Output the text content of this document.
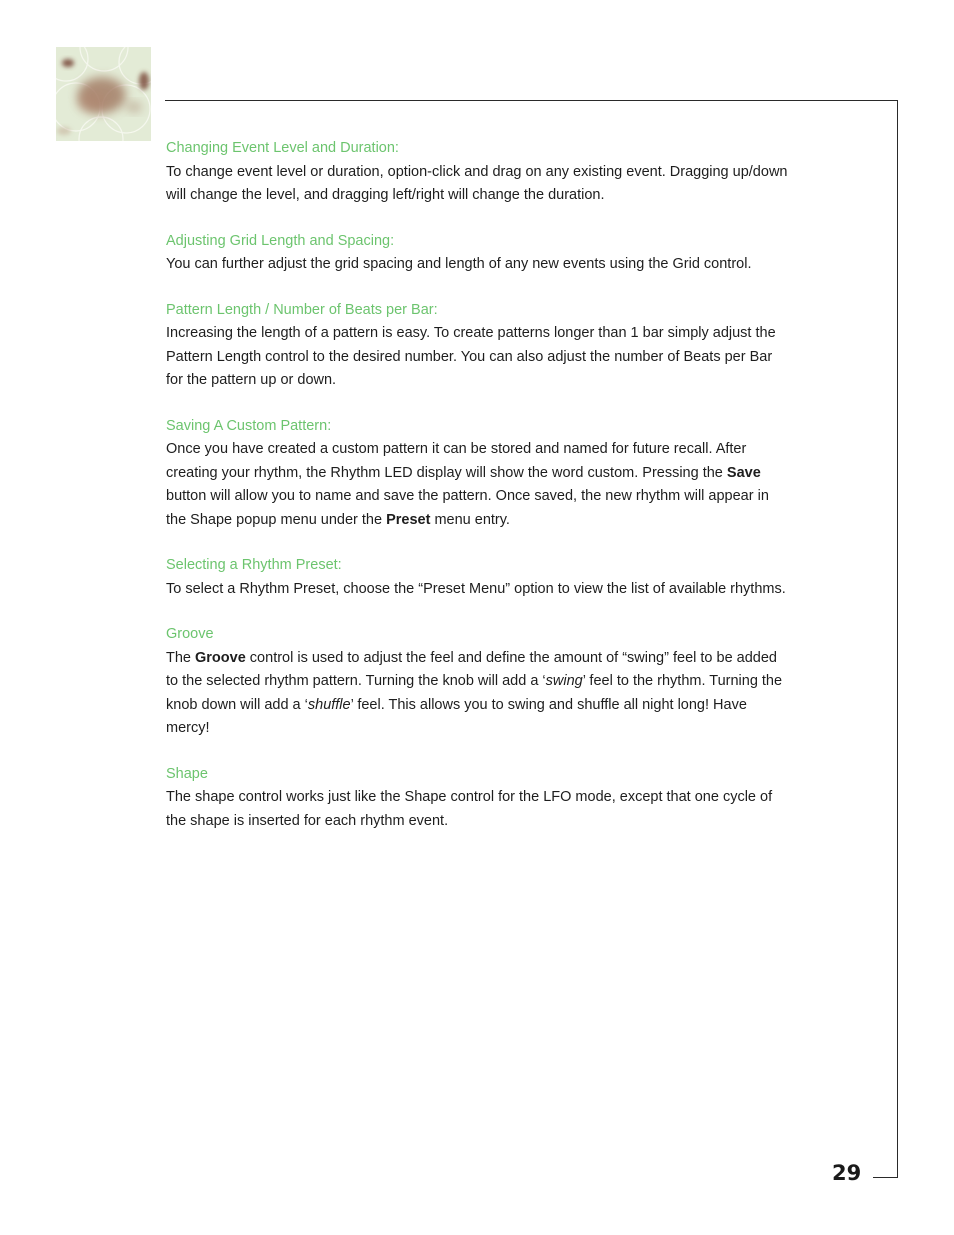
Changing Event Level and Duration:

To change event level or duration, option-click and drag on any existing event. Dragging up/down will change the level, and dragging left/right will change the duration.

Adjusting Grid Length and Spacing:

You can further adjust the grid spacing and length of any new events using the Grid control.

Pattern Length / Number of Beats per Bar:

Increasing the length of a pattern is easy. To create patterns longer than 1 bar simply adjust the Pattern Length control to the desired number. You can also adjust the number of Beats per Bar for the pattern up or down.

Saving A Custom Pattern:

Once you have created a custom pattern it can be stored and named for future recall. After creating your rhythm, the Rhythm LED display will show the word custom. Pressing the Save button will allow you to name and save the pattern. Once saved, the new rhythm will appear in the Shape popup menu under the Preset menu entry.

Selecting a Rhythm Preset:

To select a Rhythm Preset, choose the “Preset Menu” option to view the list of available rhythms.

Groove

The Groove control is used to adjust the feel and define the amount of “swing” feel to be added to the selected rhythm pattern. Turning the knob will add a ‘swing’ feel to the rhythm. Turning the knob down will add a ‘shuffle’ feel. This allows you to swing and shuffle all night long! Have mercy!

Shape

The shape control works just like the Shape control for the LFO mode, except that one cycle of the shape is inserted for each rhythm event.

29
